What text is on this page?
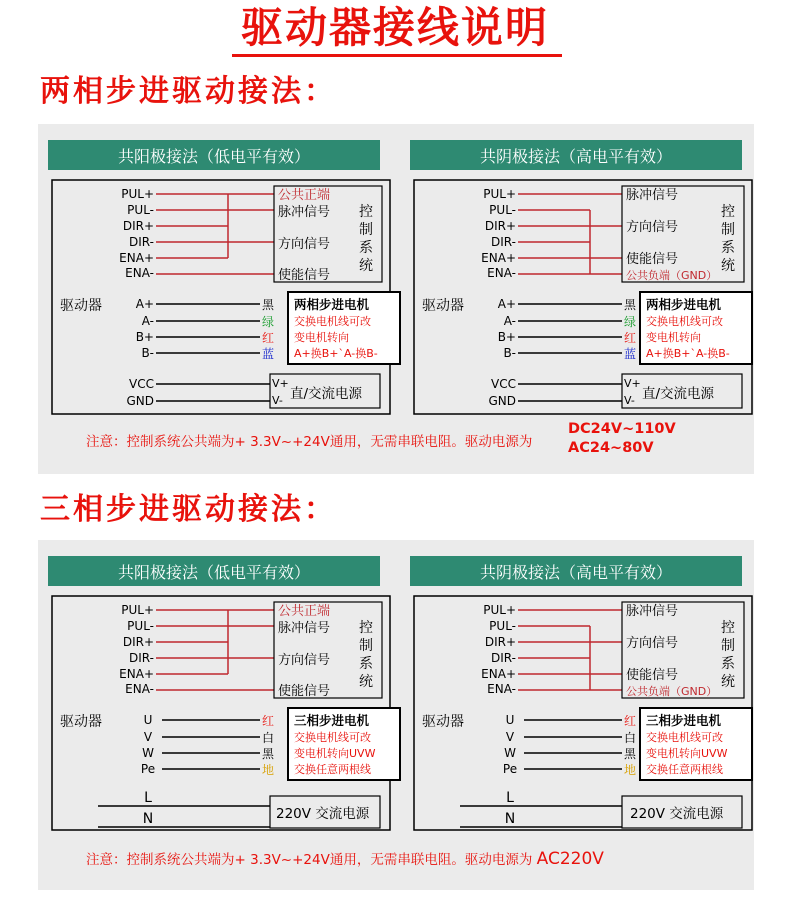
驱动器接线说明
两相步进驱动接法：
共阳极接法（低电平有效）
驱动器
PUL+
PUL-
DIR+
DIR-
ENA+
ENA-
公共正端
脉冲信号
方向信号
使能信号
控
制
系
统
A+
A-
B+
B-
黑
绿
红
蓝
两相步进电机
交换电机线可改
变电机转向
A+换B+ˋA-换B-
VCC
GND
V+
V- 直/交流电源
共阴极接法（高电平有效）
驱动器
PUL+
PUL-
DIR+
DIR-
ENA+
ENA-
脉冲信号
方向信号
使能信号
公共负端（GND）
控
制
系
统
A+
A-
B+
B-
黑
绿
红
蓝
两相步进电机
交换电机线可改
变电机转向
A+换B+ˋA-换B-
VCC
GND
V+
V- 直/交流电源
注意：控制系统公共端为+ 3.3V~+24V通用，无需串联电阻。驱动电源为
DC24V~110V
AC24~80V
三相步进驱动接法：
共阳极接法（低电平有效）
驱动器
PUL+
PUL-
DIR+
DIR-
ENA+
ENA-
公共正端
脉冲信号
方向信号
使能信号
控
制
系
统
U
V
W
Pe
红
白
黑
地
三相步进电机
交换电机线可改
变电机转向UVW
交换任意两根线
L
N	220V 交流电源
共阴极接法（高电平有效）
驱动器
PUL+
PUL-
DIR+
DIR-
ENA+
ENA-
脉冲信号
方向信号
使能信号
公共负端（GND）
控
制
系
统
U
V
W
Pe
红
白
黑
地
三相步进电机
交换电机线可改
变电机转向UVW
交换任意两根线
L
N	220V 交流电源
注意：控制系统公共端为+ 3.3V~+24V通用，无需串联电阻。驱动电源为 AC220V
